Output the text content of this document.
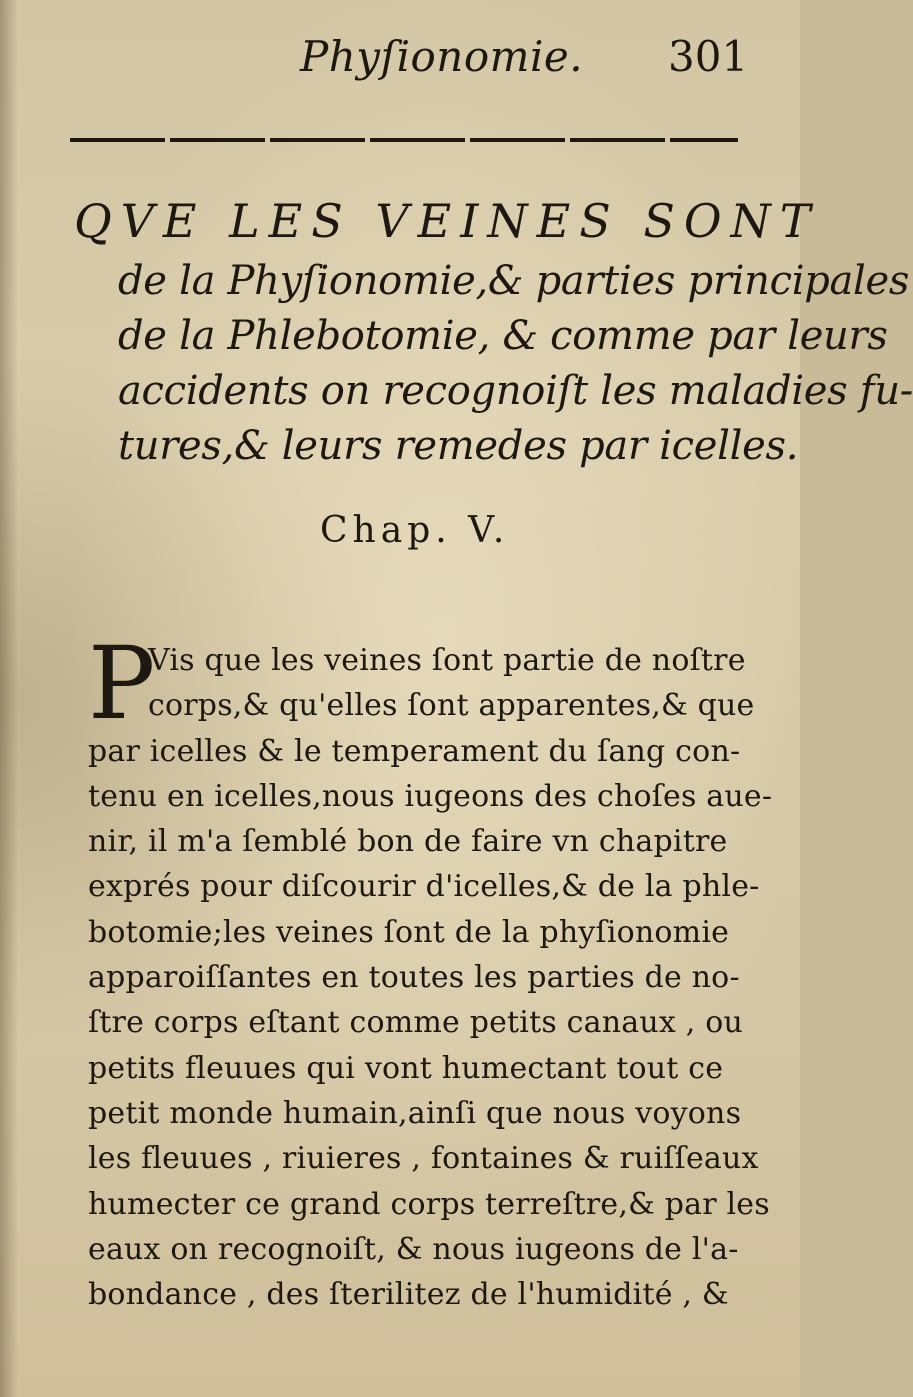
Phyſionomie. 301
QVE LES VEINES SONT
de la Phyſionomie,& parties principales
de la Phlebotomie, & comme par leurs
accidents on recognoiſt les maladies fu-
tures,& leurs remedes par icelles.
Chap. V.
P
Vis que les veines ſont partie de noſtre
corps,& qu'elles ſont apparentes,& que
par icelles & le temperament du ſang con-
tenu en icelles,nous iugeons des choſes aue-
nir, il m'a ſemblé bon de faire vn chapitre
exprés pour diſcourir d'icelles,& de la phle-
botomie;les veines ſont de la phyſionomie
apparoiſſantes en toutes les parties de no-
ſtre corps eſtant comme petits canaux , ou
petits fleuues qui vont humectant tout ce
petit monde humain,ainſi que nous voyons
les fleuues , riuieres , fontaines & ruiſſeaux
humecter ce grand corps terreſtre,& par les
eaux on recognoiſt, & nous iugeons de l'a-
bondance , des ſterilitez de l'humidité , &
